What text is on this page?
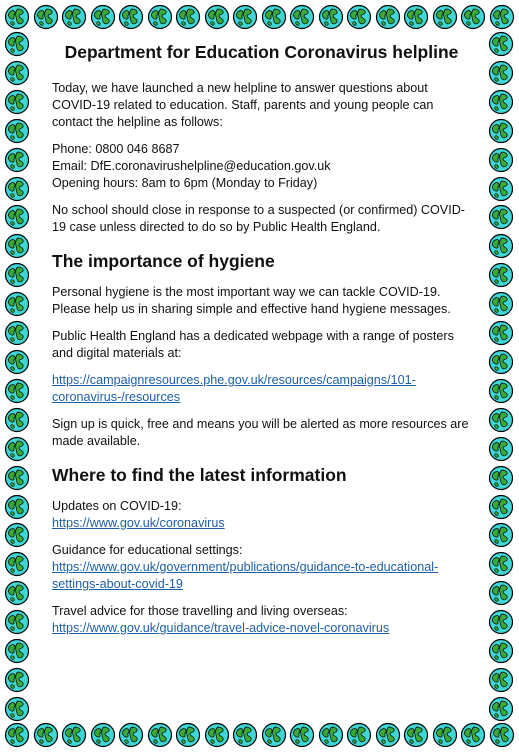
Department for Education Coronavirus helpline

Today, we have launched a new helpline to answer questions about COVID-19 related to education. Staff, parents and young people can contact the helpline as follows:

Phone: 0800 046 8687
Email: DfE.coronavirushelpline@education.gov.uk
Opening hours: 8am to 6pm (Monday to Friday)

No school should close in response to a suspected (or confirmed) COVID-19 case unless directed to do so by Public Health England.

The importance of hygiene

Personal hygiene is the most important way we can tackle COVID-19. Please help us in sharing simple and effective hand hygiene messages.

Public Health England has a dedicated webpage with a range of posters and digital materials at:

https://campaignresources.phe.gov.uk/resources/campaigns/101-coronavirus-/resources

Sign up is quick, free and means you will be alerted as more resources are made available.

Where to find the latest information

Updates on COVID-19:
https://www.gov.uk/coronavirus

Guidance for educational settings:
https://www.gov.uk/government/publications/guidance-to-educational-settings-about-covid-19

Travel advice for those travelling and living overseas:
https://www.gov.uk/guidance/travel-advice-novel-coronavirus
